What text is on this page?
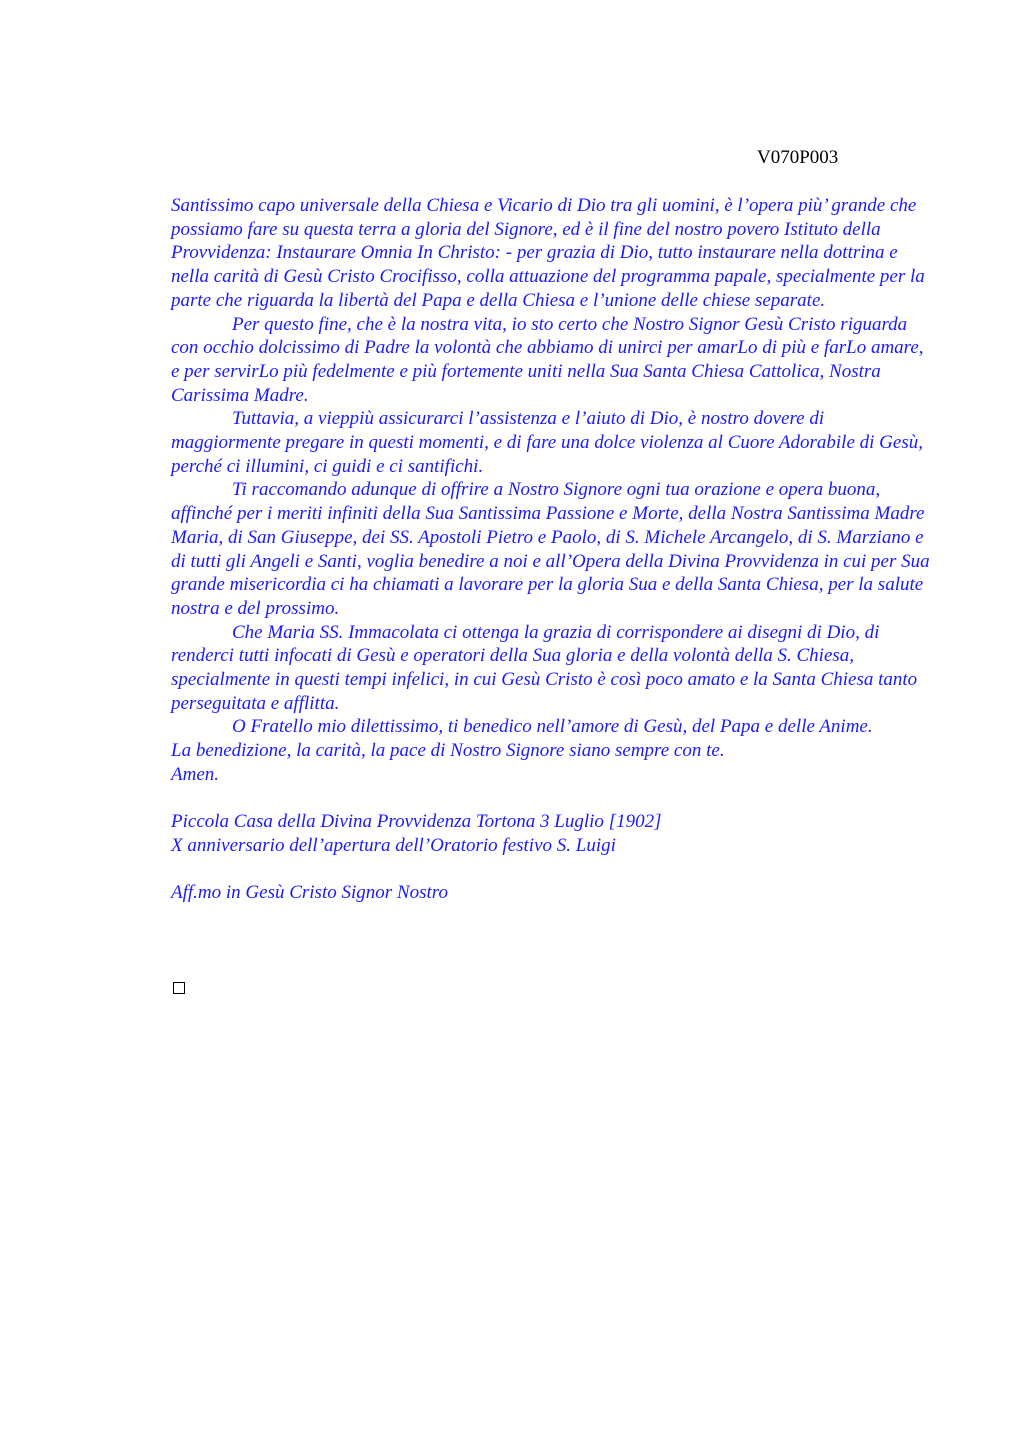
V070P003

Santissimo capo universale della Chiesa e Vicario di Dio tra gli uomini, è l’opera più’ grande che possiamo fare su questa terra a gloria del Signore, ed è il fine del nostro povero Istituto della Provvidenza: Instaurare Omnia In Christo: - per grazia di Dio, tutto instaurare nella dottrina e nella carità di Gesù Cristo Crocifisso, colla attuazione del programma papale, specialmente per la parte che riguarda la libertà del Papa e della Chiesa e l’unione delle chiese separate.

Per questo fine, che è la nostra vita, io sto certo che Nostro Signor Gesù Cristo riguarda con occhio dolcissimo di Padre la volontà che abbiamo di unirci per amarLo di più e farLo amare, e per servirLo più fedelmente e più fortemente uniti nella Sua Santa Chiesa Cattolica, Nostra Carissima Madre.

Tuttavia, a vieppiù assicurarci l’assistenza e l’aiuto di Dio, è nostro dovere di maggiormente pregare in questi momenti, e di fare una dolce violenza al Cuore Adorabile di Gesù, perché ci illumini, ci guidi e ci santifichi.

Ti raccomando adunque di offrire a Nostro Signore ogni tua orazione e opera buona, affinché per i meriti infiniti della Sua Santissima Passione e Morte, della Nostra Santissima Madre Maria, di San Giuseppe, dei SS. Apostoli Pietro e Paolo, di S. Michele Arcangelo, di S. Marziano e di tutti gli Angeli e Santi, voglia benedire a noi e all’Opera della Divina Provvidenza in cui per Sua grande misericordia ci ha chiamati a lavorare per la gloria Sua e della Santa Chiesa, per la salute nostra e del prossimo.

Che Maria SS. Immacolata ci ottenga la grazia di corrispondere ai disegni di Dio, di renderci tutti infocati di Gesù e operatori della Sua gloria e della volontà della S. Chiesa, specialmente in questi tempi infelici, in cui Gesù Cristo è così poco amato e la Santa Chiesa tanto perseguitata e afflitta.

O Fratello mio dilettissimo, ti benedico nell’amore di Gesù, del Papa e delle Anime.

La benedizione, la carità, la pace di Nostro Signore siano sempre con te.

Amen.

Piccola Casa della Divina Provvidenza Tortona 3 Luglio [1902]

X anniversario dell’apertura dell’Oratorio festivo S. Luigi

Aff.mo in Gesù Cristo Signor Nostro
